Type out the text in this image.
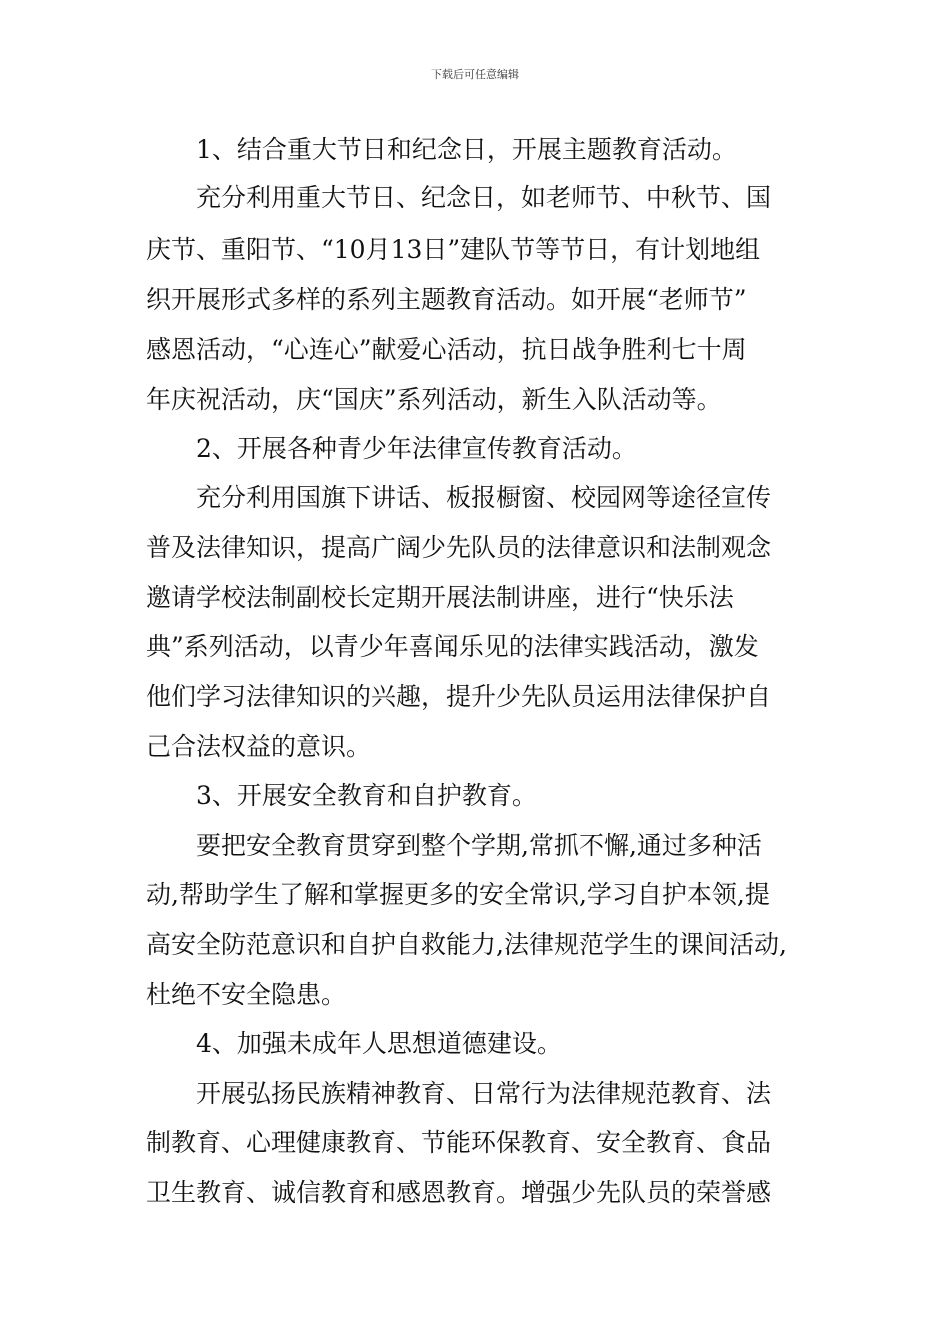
下载后可任意编辑
1、结合重大节日和纪念日，开展主题教育活动。
充分利用重大节日、纪念日，如老师节、中秋节、国
庆节、重阳节、“10月13日”建队节等节日，有计划地组
织开展形式多样的系列主题教育活动。如开展“老师节”
感恩活动，“心连心”献爱心活动，抗日战争胜利七十周
年庆祝活动，庆“国庆”系列活动，新生入队活动等。
2、开展各种青少年法律宣传教育活动。
充分利用国旗下讲话、板报橱窗、校园网等途径宣传
普及法律知识，提高广阔少先队员的法律意识和法制观念
邀请学校法制副校长定期开展法制讲座，进行“快乐法
典”系列活动，以青少年喜闻乐见的法律实践活动，激发
他们学习法律知识的兴趣，提升少先队员运用法律保护自
己合法权益的意识。
3、开展安全教育和自护教育。
要把安全教育贯穿到整个学期,常抓不懈,通过多种活
动,帮助学生了解和掌握更多的安全常识,学习自护本领,提
高安全防范意识和自护自救能力,法律规范学生的课间活动,
杜绝不安全隐患。
4、加强未成年人思想道德建设。
开展弘扬民族精神教育、日常行为法律规范教育、法
制教育、心理健康教育、节能环保教育、安全教育、食品
卫生教育、诚信教育和感恩教育。增强少先队员的荣誉感
